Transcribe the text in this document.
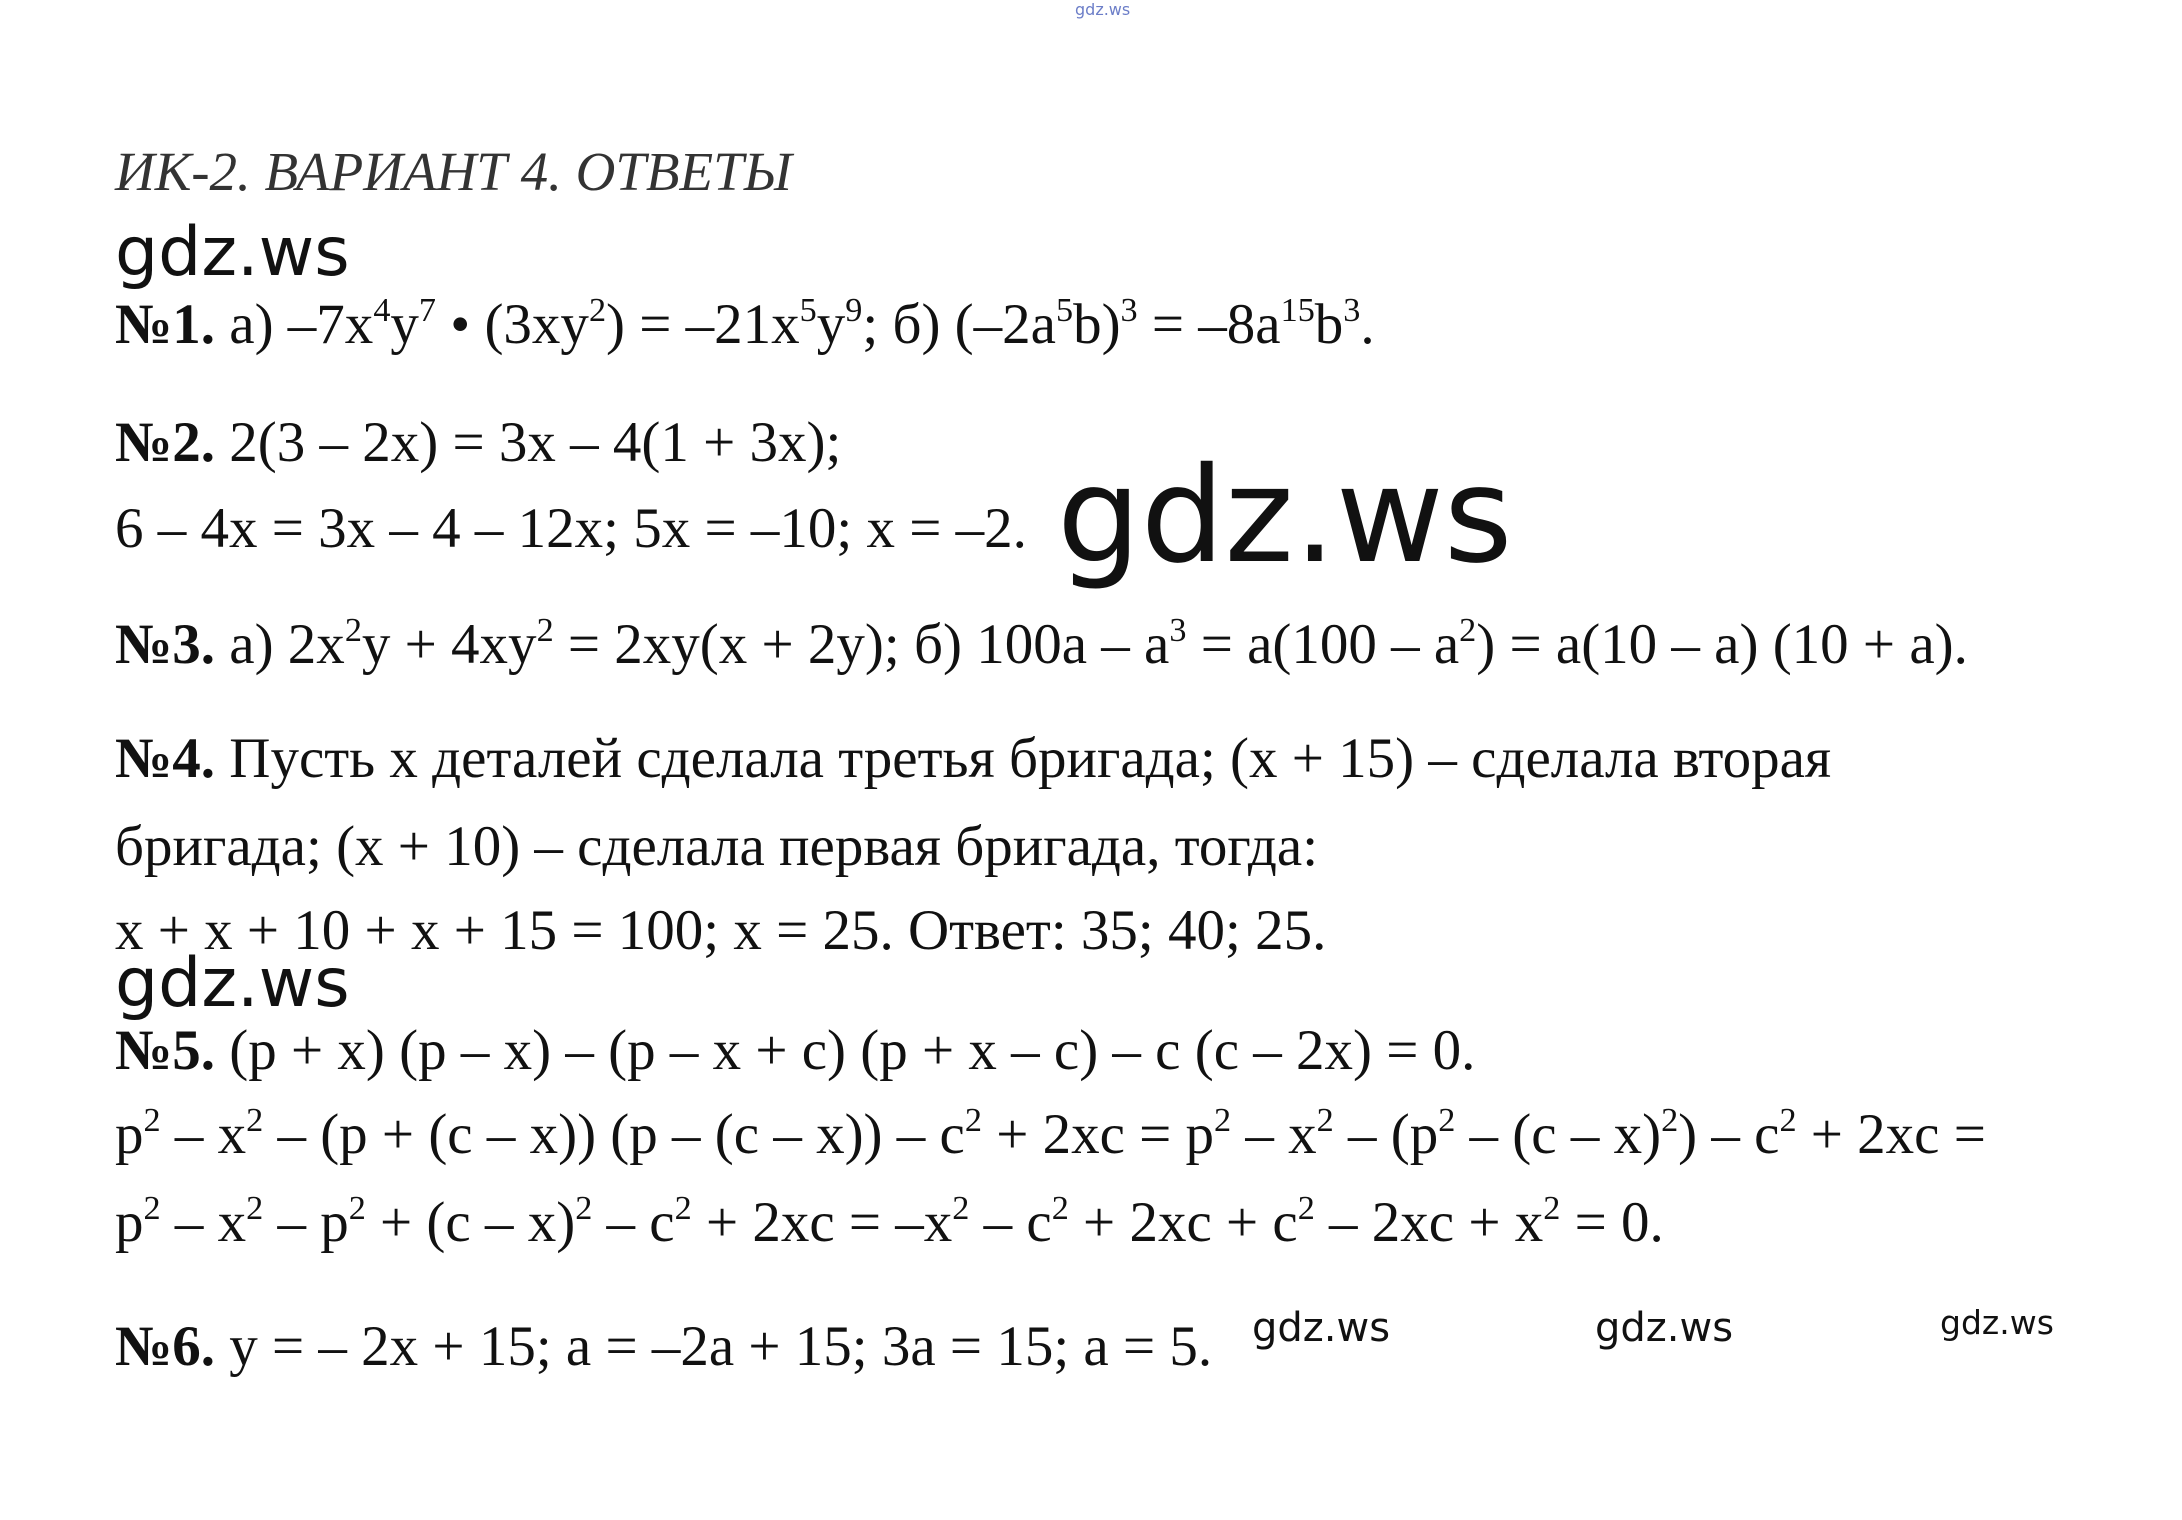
gdz.ws
ИК-2. ВАРИАНТ 4. ОТВЕТЫ
gdz.ws
№1. а) $-7x^4y^7$ • $(3xy^2) = -21x^5y^9$; б) $(-2a^5b)^3 = -8a^{15}b^3$.
№2. 2(3 – 2x) = 3x – 4(1 + 3x);
6 – 4x = 3x – 4 – 12x; 5x = –10; x = –2. gdz.ws
№3. а) $2x^2y + 4xy^2 = 2xy(x + 2y)$; б) $100a - a^3 = a(100 - a^2) = a(10 - a) (10 + a)$.
№4. Пусть x деталей сделала третья бригада; (x + 15) – сделала вторая
бригада; (x + 10) – сделала первая бригада, тогда:
x + x + 10 + x + 15 = 100; x = 25. Ответ: 35; 40; 25.
gdz.ws
№5. (p + x) (p – x) – (p – x + c) (p + x – c) – c (c – 2x) = 0.
$p^2 - x^2 - (p + (c - x))$ $(p - (c - x)) - c^2 + 2xc = p^2 - x^2 - (p^2 - (c - x)^2) - c^2 + 2xc$ =
$p^2 - x^2 - p^2 + (c - x)^2 - c^2 + 2xc = -x^2 - c^2 + 2xc + c^2 - 2xc + x^2 = 0$.
№6. y = – 2x + 15; a = –2a + 15; 3a = 15; a = 5. gdz.ws	gdz.ws	gdz.ws
